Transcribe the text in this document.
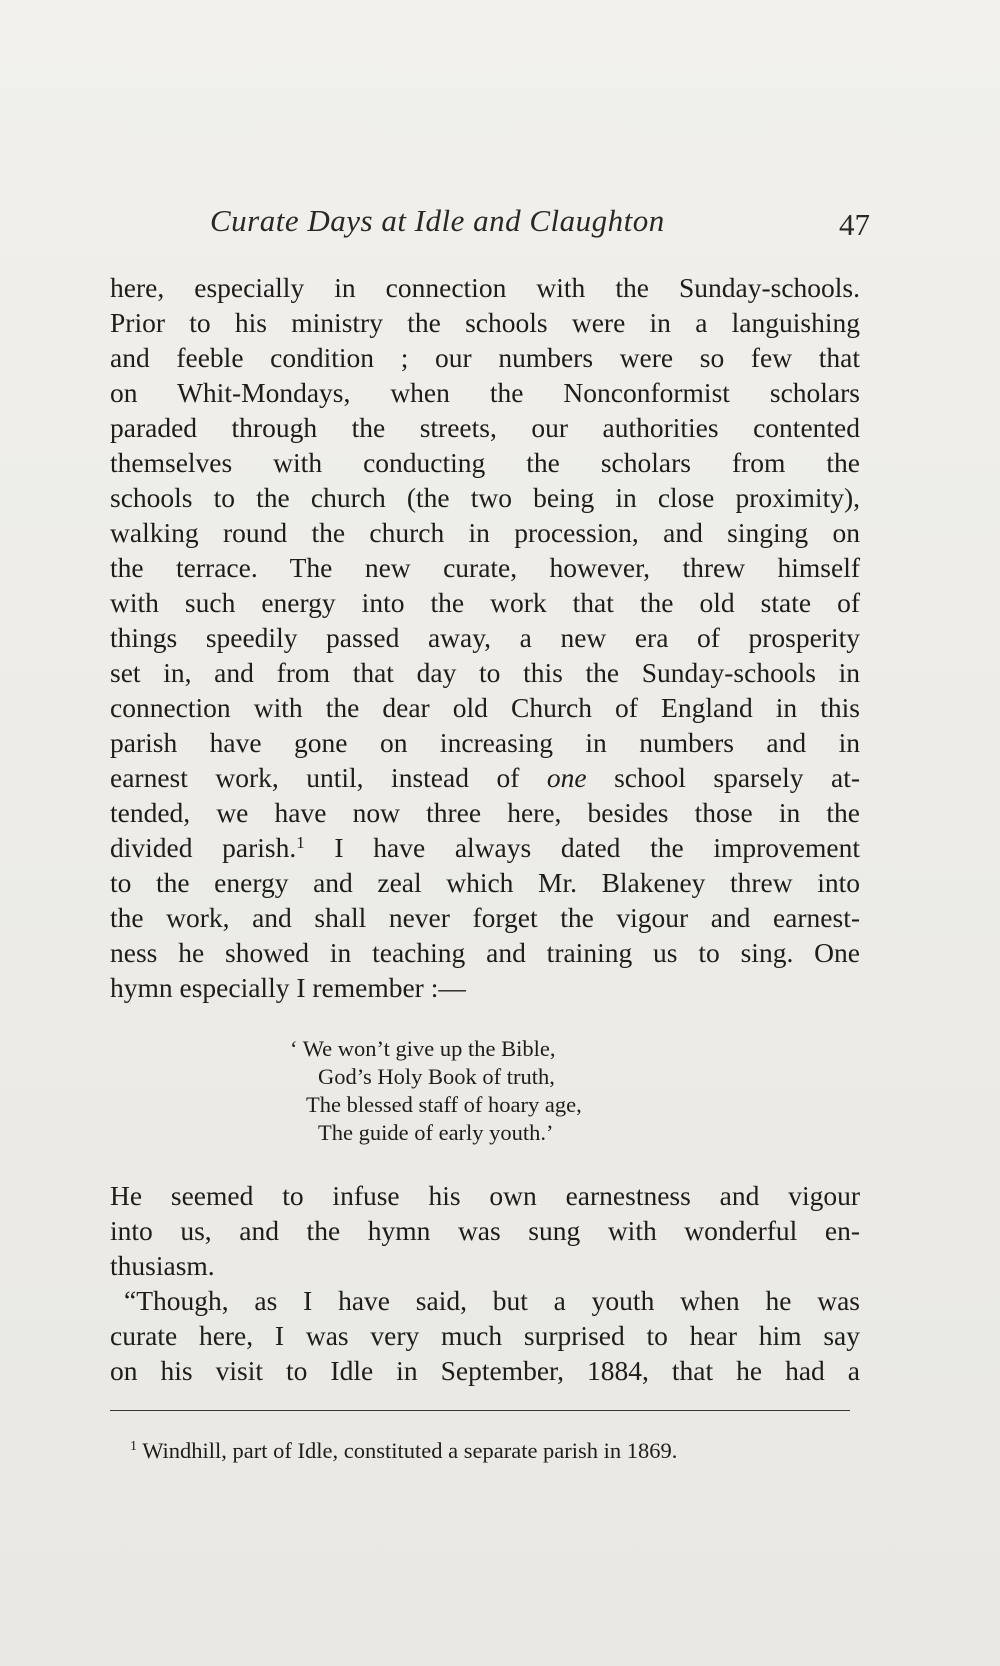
Curate Days at Idle and Claughton	47
here, especially in connection with the Sunday-schools.
Prior to his ministry the schools were in a languishing
and feeble condition ; our numbers were so few that
on Whit-Mondays, when the Nonconformist scholars
paraded through the streets, our authorities contented
themselves with conducting the scholars from the
schools to the church (the two being in close proximity),
walking round the church in procession, and singing on
the terrace. The new curate, however, threw himself
with such energy into the work that the old state of
things speedily passed away, a new era of prosperity
set in, and from that day to this the Sunday-schools in
connection with the dear old Church of England in this
parish have gone on increasing in numbers and in
earnest work, until, instead of one school sparsely at-
tended, we have now three here, besides those in the
divided parish.$^1$ I have always dated the improvement
to the energy and zeal which Mr. Blakeney threw into
the work, and shall never forget the vigour and earnest-
ness he showed in teaching and training us to sing. One
hymn especially I remember :—
‘ We won’t give up the Bible,
God’s Holy Book of truth,
The blessed staff of hoary age,
The guide of early youth.’
He seemed to infuse his own earnestness and vigour
into us, and the hymn was sung with wonderful en-
thusiasm.
“Though, as I have said, but a youth when he was
curate here, I was very much surprised to hear him say
on his visit to Idle in September, 1884, that he had a
$^1$ Windhill, part of Idle, constituted a separate parish in 1869.
